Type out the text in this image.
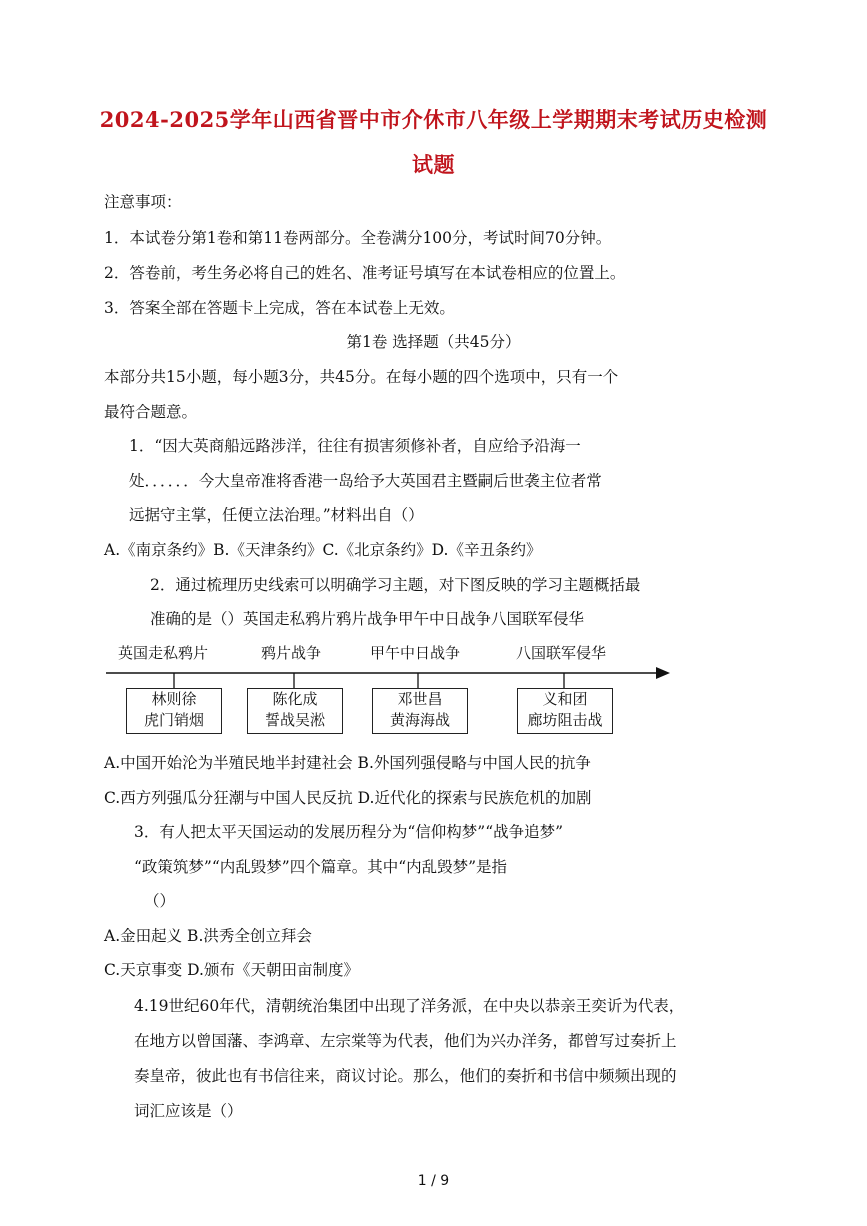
2024-2025学年山西省晋中市介休市八年级上学期期末考试历史检测
试题
注意事项：
1．本试卷分第1卷和第11卷两部分。全卷满分100分，考试时间70分钟。
2．答卷前，考生务必将自己的姓名、准考证号填写在本试卷相应的位置上。
3．答案全部在答题卡上完成，答在本试卷上无效。
第1卷 选择题（共45分）
本部分共15小题，每小题3分，共45分。在每小题的四个选项中，只有一个
最符合题意。
1．“因大英商船远路涉洋，往往有损害须修补者，自应给予沿海一
处．．．．．．今大皇帝准将香港一岛给予大英国君主暨嗣后世袭主位者常
远据守主掌，任便立法治理。”材料出自（）
A.《南京条约》B.《天津条约》C.《北京条约》D.《辛丑条约》
2．通过梳理历史线索可以明确学习主题，对下图反映的学习主题概括最
准确的是（）英国走私鸦片鸦片战争甲午中日战争八国联军侵华
英国走私鸦片	鸦片战争	甲午中日战争	八国联军侵华
林则徐
虎门销烟
陈化成
誓战吴淞
邓世昌
黄海海战
义和团
廊坊阻击战
A.中国开始沦为半殖民地半封建社会 B.外国列强侵略与中国人民的抗争
C.西方列强瓜分狂潮与中国人民反抗 D.近代化的探索与民族危机的加剧
3．有人把太平天国运动的发展历程分为“信仰构梦”“战争追梦”
“政策筑梦”“内乱毁梦”四个篇章。其中“内乱毁梦”是指
（）
A.金田起义 B.洪秀全创立拜会
C.天京事变 D.颁布《天朝田亩制度》
4.19世纪60年代，清朝统治集团中出现了洋务派，在中央以恭亲王奕䜣为代表，
在地方以曾国藩、李鸿章、左宗棠等为代表，他们为兴办洋务，都曾写过奏折上
奏皇帝，彼此也有书信往来，商议讨论。那么，他们的奏折和书信中频频出现的
词汇应该是（）
1 / 9
